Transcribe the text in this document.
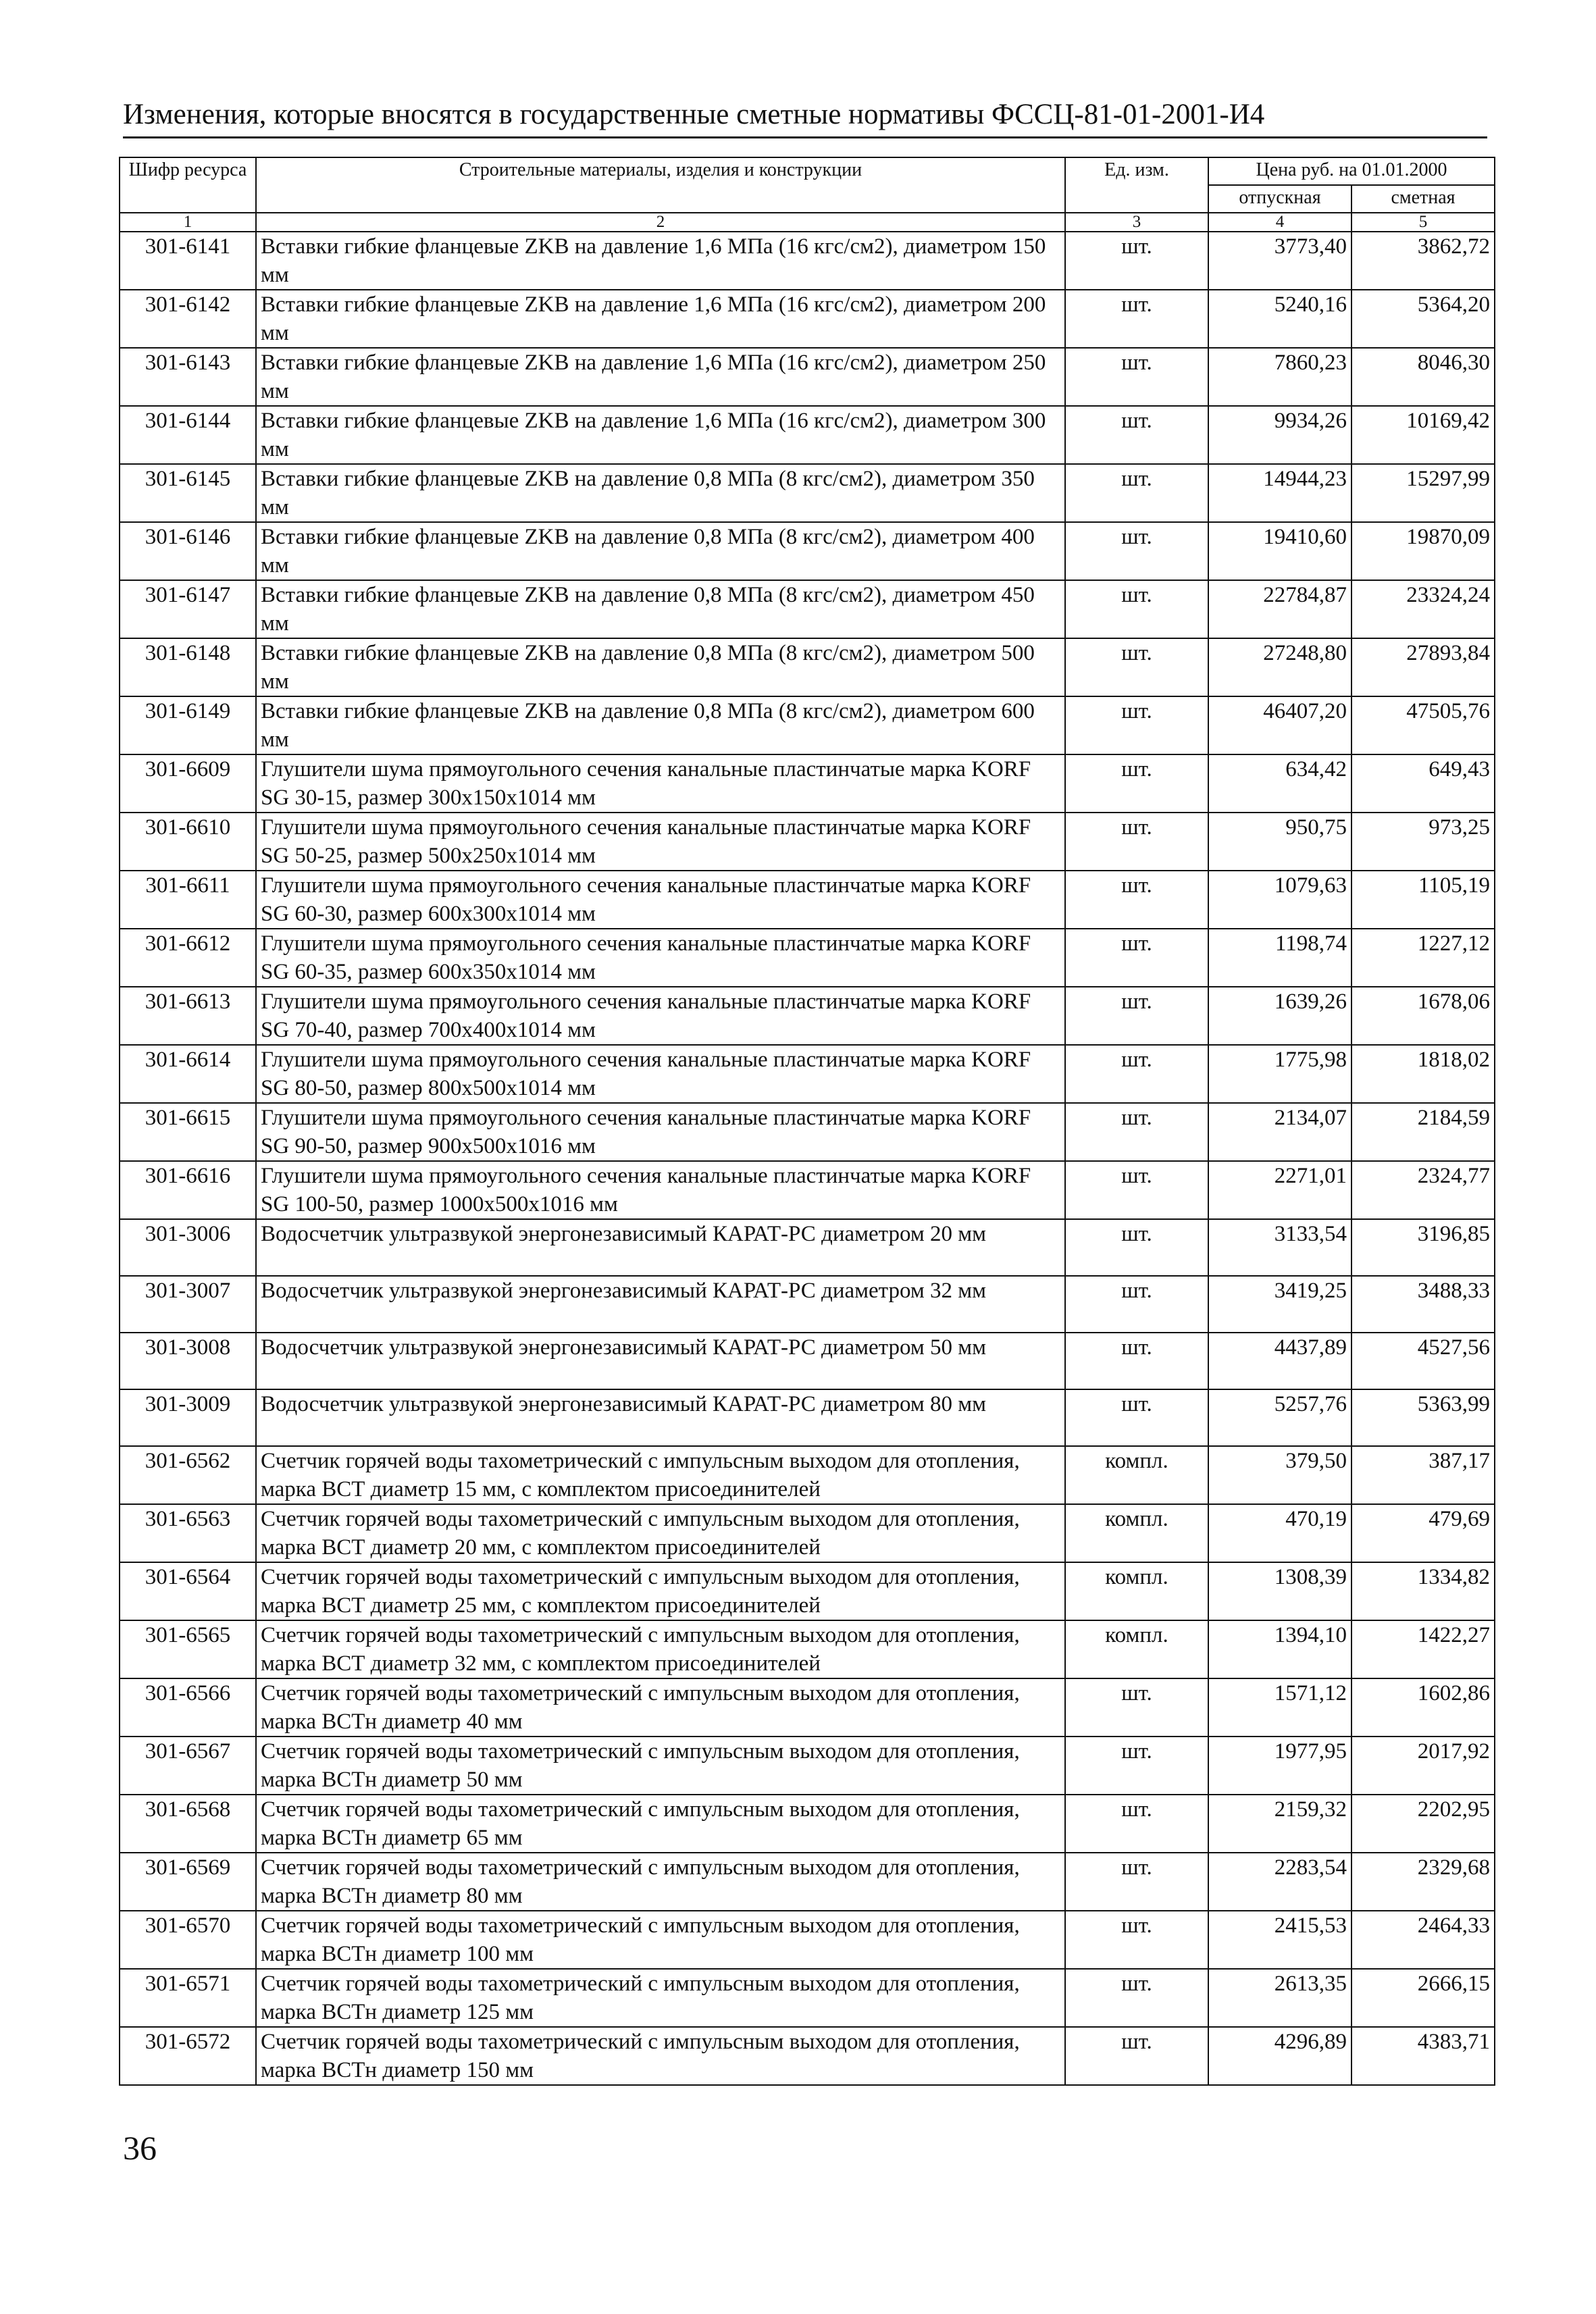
Изменения, которые вносятся в государственные сметные нормативы ФССЦ-81-01-2001-И4
Шифр ресурса	Строительные материалы, изделия и конструкции	Ед. изм.	Цена руб. на 01.01.2000	
			отпускная	сметная
1	2	3	4	5
301-6141	Вставки гибкие фланцевые ZKB на давление 1,6 МПа (16 кгс/см2), диаметром 150 мм	шт.	3773,40	3862,72
301-6142	Вставки гибкие фланцевые ZKB на давление 1,6 МПа (16 кгс/см2), диаметром 200 мм	шт.	5240,16	5364,20
301-6143	Вставки гибкие фланцевые ZKB на давление 1,6 МПа (16 кгс/см2), диаметром 250 мм	шт.	7860,23	8046,30
301-6144	Вставки гибкие фланцевые ZKB на давление 1,6 МПа (16 кгс/см2), диаметром 300 мм	шт.	9934,26	10169,42
301-6145	Вставки гибкие фланцевые ZKB на давление 0,8 МПа (8 кгс/см2), диаметром 350 мм	шт.	14944,23	15297,99
301-6146	Вставки гибкие фланцевые ZKB на давление 0,8 МПа (8 кгс/см2), диаметром 400 мм	шт.	19410,60	19870,09
301-6147	Вставки гибкие фланцевые ZKB на давление 0,8 МПа (8 кгс/см2), диаметром 450 мм	шт.	22784,87	23324,24
301-6148	Вставки гибкие фланцевые ZKB на давление 0,8 МПа (8 кгс/см2), диаметром 500 мм	шт.	27248,80	27893,84
301-6149	Вставки гибкие фланцевые ZKB на давление 0,8 МПа (8 кгс/см2), диаметром 600 мм	шт.	46407,20	47505,76
301-6609	Глушители шума прямоугольного сечения канальные пластинчатые марка KORF SG 30-15, размер 300x150x1014 мм	шт.	634,42	649,43
301-6610	Глушители шума прямоугольного сечения канальные пластинчатые марка KORF SG 50-25, размер 500x250x1014 мм	шт.	950,75	973,25
301-6611	Глушители шума прямоугольного сечения канальные пластинчатые марка KORF SG 60-30, размер 600x300x1014 мм	шт.	1079,63	1105,19
301-6612	Глушители шума прямоугольного сечения канальные пластинчатые марка KORF SG 60-35, размер 600x350x1014 мм	шт.	1198,74	1227,12
301-6613	Глушители шума прямоугольного сечения канальные пластинчатые марка KORF SG 70-40, размер 700x400x1014 мм	шт.	1639,26	1678,06
301-6614	Глушители шума прямоугольного сечения канальные пластинчатые марка KORF SG 80-50, размер 800x500x1014 мм	шт.	1775,98	1818,02
301-6615	Глушители шума прямоугольного сечения канальные пластинчатые марка KORF SG 90-50, размер 900x500x1016 мм	шт.	2134,07	2184,59
301-6616	Глушители шума прямоугольного сечения канальные пластинчатые марка KORF SG 100-50, размер 1000x500x1016 мм	шт.	2271,01	2324,77
301-3006	Водосчетчик ультразвукой энергонезависимый КАРАТ-РС диаметром 20 мм	шт.	3133,54	3196,85
301-3007	Водосчетчик ультразвукой энергонезависимый КАРАТ-РС диаметром 32 мм	шт.	3419,25	3488,33
301-3008	Водосчетчик ультразвукой энергонезависимый КАРАТ-РС диаметром 50 мм	шт.	4437,89	4527,56
301-3009	Водосчетчик ультразвукой энергонезависимый КАРАТ-РС диаметром 80 мм	шт.	5257,76	5363,99
301-6562	Счетчик горячей воды тахометрический с импульсным выходом для отопления, марка ВСТ диаметр 15 мм, с комплектом присоединителей	компл.	379,50	387,17
301-6563	Счетчик горячей воды тахометрический с импульсным выходом для отопления, марка ВСТ диаметр 20 мм, с комплектом присоединителей	компл.	470,19	479,69
301-6564	Счетчик горячей воды тахометрический с импульсным выходом для отопления, марка ВСТ диаметр 25 мм, с комплектом присоединителей	компл.	1308,39	1334,82
301-6565	Счетчик горячей воды тахометрический с импульсным выходом для отопления, марка ВСТ диаметр 32 мм, с комплектом присоединителей	компл.	1394,10	1422,27
301-6566	Счетчик горячей воды тахометрический с импульсным выходом для отопления, марка ВСТн диаметр 40 мм	шт.	1571,12	1602,86
301-6567	Счетчик горячей воды тахометрический с импульсным выходом для отопления, марка ВСТн диаметр 50 мм	шт.	1977,95	2017,92
301-6568	Счетчик горячей воды тахометрический с импульсным выходом для отопления, марка ВСТн диаметр 65 мм	шт.	2159,32	2202,95
301-6569	Счетчик горячей воды тахометрический с импульсным выходом для отопления, марка ВСТн диаметр 80 мм	шт.	2283,54	2329,68
301-6570	Счетчик горячей воды тахометрический с импульсным выходом для отопления, марка ВСТн диаметр 100 мм	шт.	2415,53	2464,33
301-6571	Счетчик горячей воды тахометрический с импульсным выходом для отопления, марка ВСТн диаметр 125 мм	шт.	2613,35	2666,15
301-6572	Счетчик горячей воды тахометрический с импульсным выходом для отопления, марка ВСТн диаметр 150 мм	шт.	4296,89	4383,71
36
